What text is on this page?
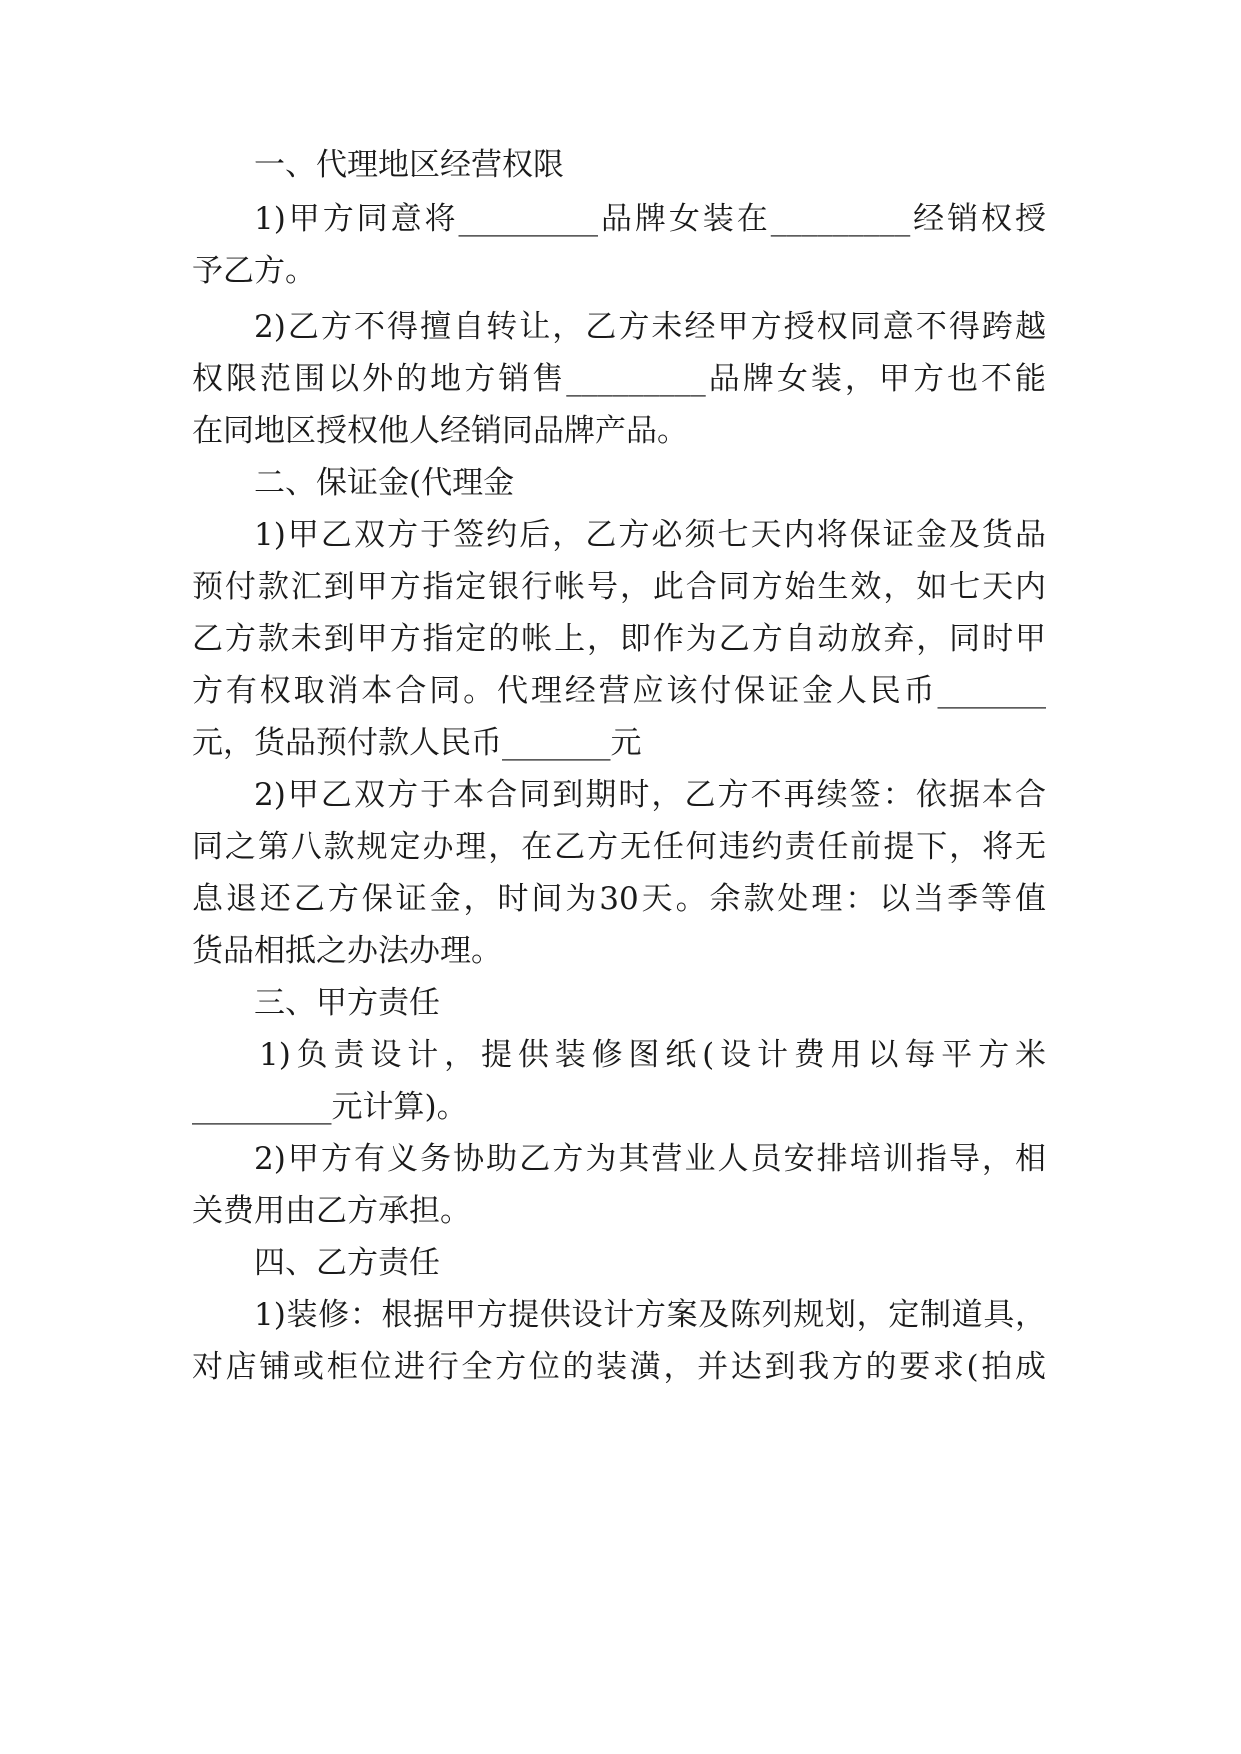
一、代理地区经营权限
1)甲方同意将_________品牌女装在_________经销权授
予乙方。
2)乙方不得擅自转让，乙方未经甲方授权同意不得跨越
权限范围以外的地方销售_________品牌女装，甲方也不能
在同地区授权他人经销同品牌产品。
二、保证金(代理金
1)甲乙双方于签约后，乙方必须七天内将保证金及货品
预付款汇到甲方指定银行帐号，此合同方始生效，如七天内
乙方款未到甲方指定的帐上，即作为乙方自动放弃，同时甲
方有权取消本合同。代理经营应该付保证金人民币_______
元，货品预付款人民币_______元
2)甲乙双方于本合同到期时，乙方不再续签：依据本合
同之第八款规定办理，在乙方无任何违约责任前提下，将无
息退还乙方保证金，时间为30天。余款处理：以当季等值
货品相抵之办法办理。
三、甲方责任
1)负责设计，提供装修图纸(设计费用以每平方米
_________元计算)。
2)甲方有义务协助乙方为其营业人员安排培训指导，相
关费用由乙方承担。
四、乙方责任
1)装修：根据甲方提供设计方案及陈列规划，定制道具，
对店铺或柜位进行全方位的装潢，并达到我方的要求(拍成
